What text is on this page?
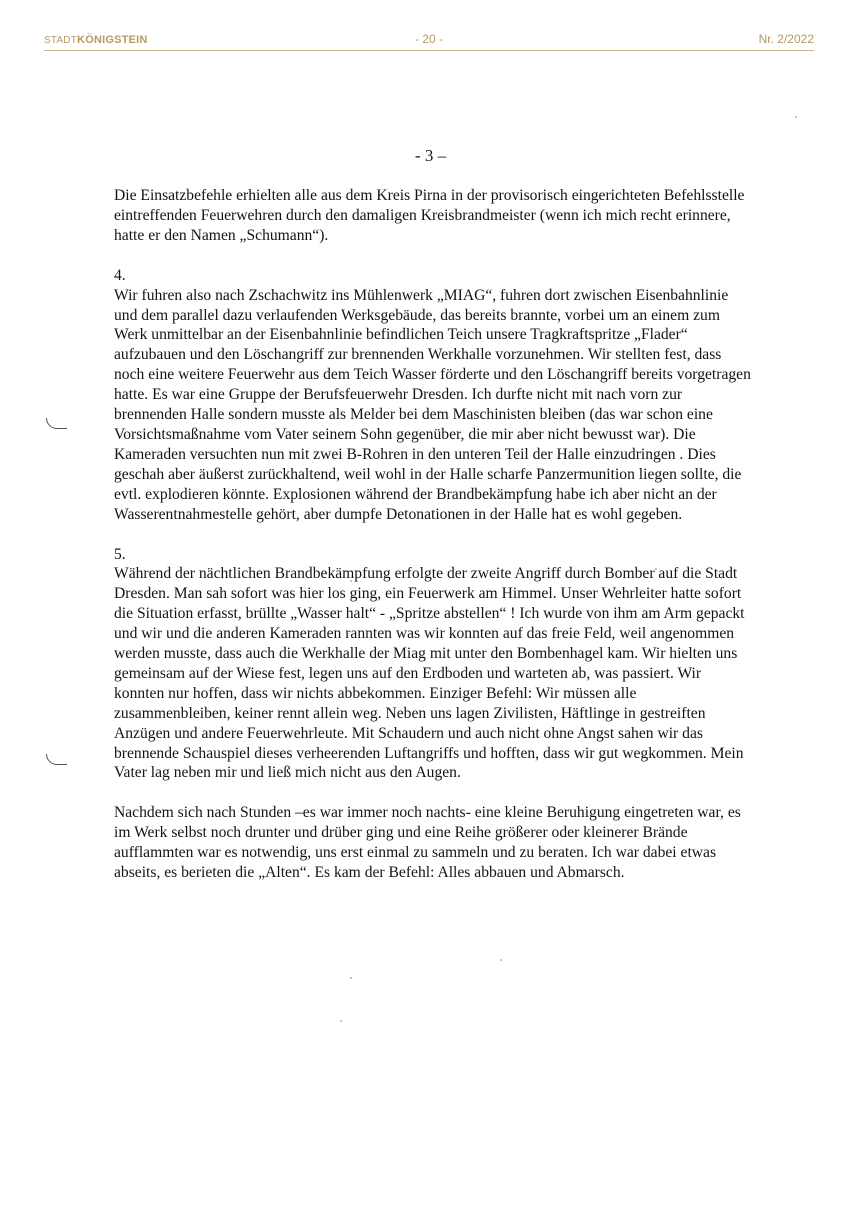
STADTKÖNIGSTEIN	- 20 -	Nr. 2/2022
- 3 –

Die Einsatzbefehle erhielten alle aus dem Kreis Pirna in der provisorisch eingerichteten Befehlsstelle eintreffenden Feuerwehren durch den damaligen Kreisbrandmeister (wenn ich mich recht erinnere, hatte er den Namen „Schumann“).

4.
Wir fuhren also nach Zschachwitz ins Mühlenwerk „MIAG“, fuhren dort zwischen Eisenbahnlinie und dem parallel dazu verlaufenden Werksgebäude, das bereits brannte, vorbei um an einem zum Werk unmittelbar an der Eisenbahnlinie befindlichen Teich unsere Tragkraftspritze „Flader“ aufzubauen und den Löschangriff zur brennenden Werkhalle vorzunehmen. Wir stellten fest, dass noch eine weitere Feuerwehr aus dem Teich Wasser förderte und den Löschangriff bereits vorgetragen hatte. Es war eine Gruppe der Berufsfeuerwehr Dresden. Ich durfte nicht mit nach vorn zur brennenden Halle sondern musste als Melder bei dem Maschinisten bleiben (das war schon eine Vorsichtsmaßnahme vom Vater seinem Sohn gegenüber, die mir aber nicht bewusst war). Die Kameraden versuchten nun mit zwei B-Rohren in den unteren Teil der Halle einzudringen . Dies geschah aber äußerst zurückhaltend, weil wohl in der Halle scharfe Panzermunition liegen sollte, die evtl. explodieren könnte. Explosionen während der Brandbekämpfung habe ich aber nicht an der Wasserentnahmestelle gehört, aber dumpfe Detonationen in der Halle hat es wohl gegeben.

5.
Während der nächtlichen Brandbekämpfung erfolgte der zweite Angriff durch Bomber auf die Stadt Dresden. Man sah sofort was hier los ging, ein Feuerwerk am Himmel. Unser Wehrleiter hatte sofort die Situation erfasst, brüllte „Wasser halt“ - „Spritze abstellen“ ! Ich wurde von ihm am Arm gepackt und wir und die anderen Kameraden rannten was wir konnten auf das freie Feld, weil angenommen werden musste, dass auch die Werkhalle der Miag mit unter den Bombenhagel kam. Wir hielten uns gemeinsam auf der Wiese fest, legen uns auf den Erdboden und warteten ab, was passiert. Wir konnten nur hoffen, dass wir nichts abbekommen. Einziger Befehl: Wir müssen alle zusammenbleiben, keiner rennt allein weg. Neben uns lagen Zivilisten, Häftlinge in gestreiften Anzügen und andere Feuerwehrleute. Mit Schaudern und auch nicht ohne Angst sahen wir das brennende Schauspiel dieses verheerenden Luftangriffs und hofften, dass wir gut wegkommen. Mein Vater lag neben mir und ließ mich nicht aus den Augen.

Nachdem sich nach Stunden –es war immer noch nachts- eine kleine Beruhigung eingetreten war, es im Werk selbst noch drunter und drüber ging und eine Reihe größerer oder kleinerer Brände aufflammten war es notwendig, uns erst einmal zu sammeln und zu beraten. Ich war dabei etwas abseits, es berieten die „Alten“. Es kam der Befehl: Alles abbauen und Abmarsch.
